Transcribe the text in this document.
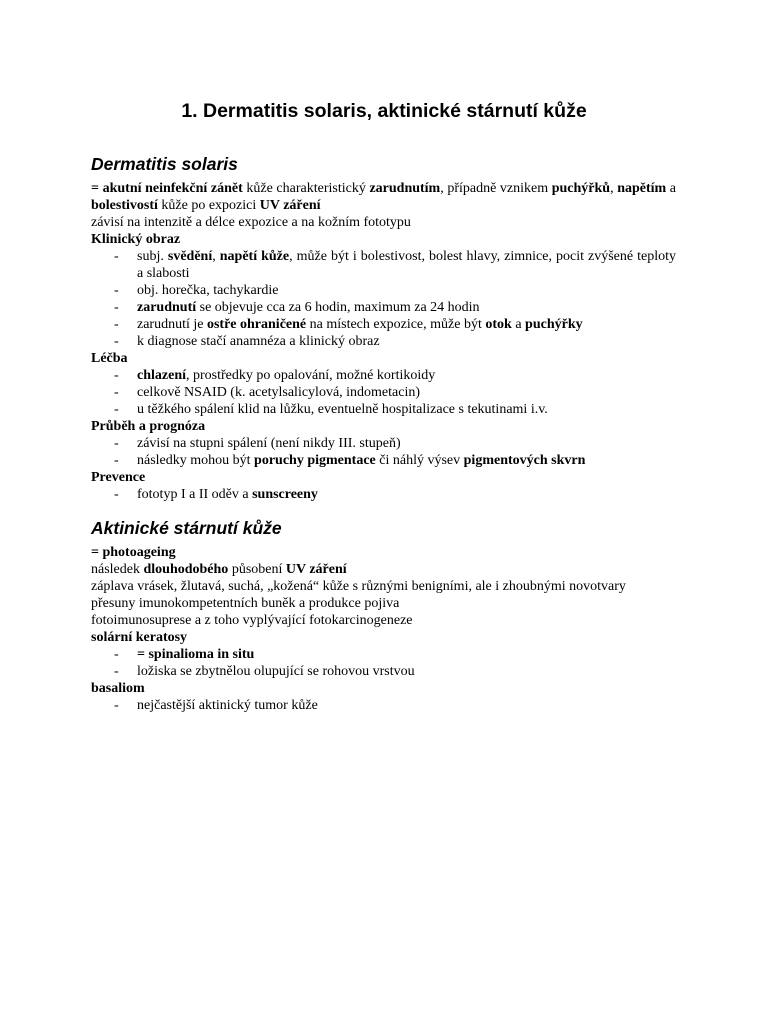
1. Dermatitis solaris, aktinické stárnutí kůže
Dermatitis solaris

= akutní neinfekční zánět kůže charakteristický zarudnutím, případně vznikem puchýřků, napětím a bolestivostí kůže po expozici UV záření

závisí na intenzitě a délce expozice a na kožním fototypu

Klinický obraz

- subj. svědění, napětí kůže, může být i bolestivost, bolest hlavy, zimnice, pocit zvýšené teploty a slabosti
- obj. horečka, tachykardie
- zarudnutí se objevuje cca za 6 hodin, maximum za 24 hodin
- zarudnutí je ostře ohraničené na místech expozice, může být otok a puchýřky
- k diagnose stačí anamnéza a klinický obraz

Léčba

- chlazení, prostředky po opalování, možné kortikoidy
- celkově NSAID (k. acetylsalicylová, indometacin)
- u těžkého spálení klid na lůžku, eventuelně hospitalizace s tekutinami i.v.

Průběh a prognóza

- závisí na stupni spálení (není nikdy III. stupeň)
- následky mohou být poruchy pigmentace či náhlý výsev pigmentových skvrn

Prevence

- fototyp I a II oděv a sunscreeny
Aktinické stárnutí kůže

= photoageing

následek dlouhodobého působení UV záření

záplava vrásek, žlutavá, suchá, „kožená“ kůže s různými benigními, ale i zhoubnými novotvary

přesuny imunokompetentních buněk a produkce pojiva

fotoimunosuprese a z toho vyplývající fotokarcinogeneze

solární keratosy

- = spinalioma in situ
- ložiska se zbytnělou olupující se rohovou vrstvou

basaliom

- nejčastější aktinický tumor kůže
